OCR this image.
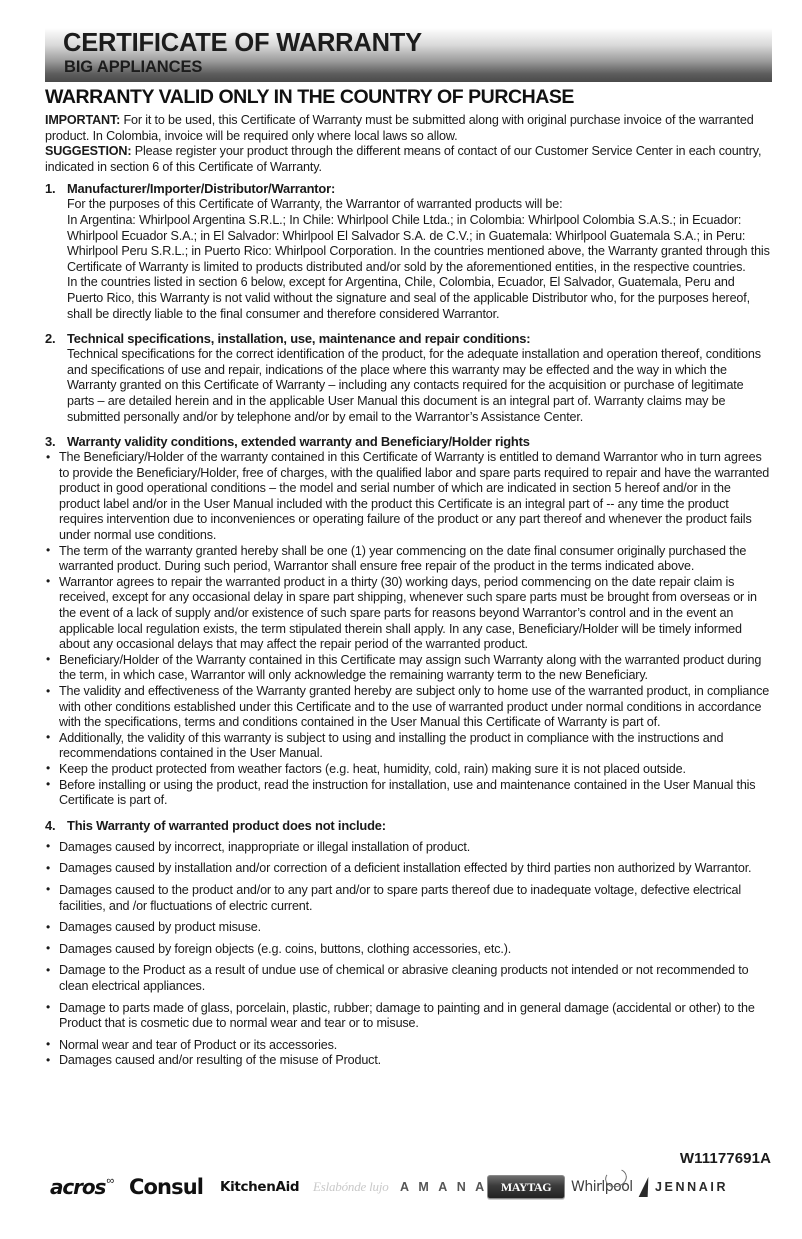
CERTIFICATE OF WARRANTY
BIG APPLIANCES
WARRANTY VALID ONLY IN THE COUNTRY OF PURCHASE

IMPORTANT: For it to be used, this Certificate of Warranty must be submitted along with original purchase invoice of the warranted product. In Colombia, invoice will be required only where local laws so allow.

SUGGESTION: Please register your product through the different means of contact of our Customer Service Center in each country, indicated in section 6 of this Certificate of Warranty.

1. Manufacturer/Importer/Distributor/Warrantor:

For the purposes of this Certificate of Warranty, the Warrantor of warranted products will be:
In Argentina: Whirlpool Argentina S.R.L.; In Chile: Whirlpool Chile Ltda.; in Colombia: Whirlpool Colombia S.A.S.; in Ecuador: Whirlpool Ecuador S.A.; in El Salvador: Whirlpool El Salvador S.A. de C.V.; in Guatemala: Whirlpool Guatemala S.A.; in Peru: Whirlpool Peru S.R.L.; in Puerto Rico: Whirlpool Corporation. In the countries mentioned above, the Warranty granted through this Certificate of Warranty is limited to products distributed and/or sold by the aforementioned entities, in the respective countries.
In the countries listed in section 6 below, except for Argentina, Chile, Colombia, Ecuador, El Salvador, Guatemala, Peru and Puerto Rico, this Warranty is not valid without the signature and seal of the applicable Distributor who, for the purposes hereof, shall be directly liable to the final consumer and therefore considered Warrantor.

2. Technical specifications, installation, use, maintenance and repair conditions:

Technical specifications for the correct identification of the product, for the adequate installation and operation thereof, conditions and specifications of use and repair, indications of the place where this warranty may be effected and the way in which the Warranty granted on this Certificate of Warranty – including any contacts required for the acquisition or purchase of legitimate parts – are detailed herein and in the applicable User Manual this document is an integral part of. Warranty claims may be submitted personally and/or by telephone and/or by email to the Warrantor’s Assistance Center.

3. Warranty validity conditions, extended warranty and Beneficiary/Holder rights

• The Beneficiary/Holder of the warranty contained in this Certificate of Warranty is entitled to demand Warrantor who in turn agrees to provide the Beneficiary/Holder, free of charges, with the qualified labor and spare parts required to repair and have the warranted product in good operational conditions – the model and serial number of which are indicated in section 5 hereof and/or in the product label and/or in the User Manual included with the product this Certificate is an integral part of -- any time the product requires intervention due to inconveniences or operating failure of the product or any part thereof and whenever the product fails under normal use conditions.
• The term of the warranty granted hereby shall be one (1) year commencing on the date final consumer originally purchased the warranted product. During such period, Warrantor shall ensure free repair of the product in the terms indicated above.
• Warrantor agrees to repair the warranted product in a thirty (30) working days, period commencing on the date repair claim is received, except for any occasional delay in spare part shipping, whenever such spare parts must be brought from overseas or in the event of a lack of supply and/or existence of such spare parts for reasons beyond Warrantor’s control and in the event an applicable local regulation exists, the term stipulated therein shall apply. In any case, Beneficiary/Holder will be timely informed about any occasional delays that may affect the repair period of the warranted product.
• Beneficiary/Holder of the Warranty contained in this Certificate may assign such Warranty along with the warranted product during the term, in which case, Warrantor will only acknowledge the remaining warranty term to the new Beneficiary.
• The validity and effectiveness of the Warranty granted hereby are subject only to home use of the warranted product, in compliance with other conditions established under this Certificate and to the use of warranted product under normal conditions in accordance with the specifications, terms and conditions contained in the User Manual this Certificate of Warranty is part of.
• Additionally, the validity of this warranty is subject to using and installing the product in compliance with the instructions and recommendations contained in the User Manual.
• Keep the product protected from weather factors (e.g. heat, humidity, cold, rain) making sure it is not placed outside.
• Before installing or using the product, read the instruction for installation, use and maintenance contained in the User Manual this Certificate is part of.

4. This Warranty of warranted product does not include:

• Damages caused by incorrect, inappropriate or illegal installation of product.
• Damages caused by installation and/or correction of a deficient installation effected by third parties non authorized by Warrantor.
• Damages caused to the product and/or to any part and/or to spare parts thereof due to inadequate voltage, defective electrical facilities, and /or fluctuations of electric current.
• Damages caused by product misuse.
• Damages caused by foreign objects (e.g. coins, buttons, clothing accessories, etc.).
• Damage to the Product as a result of undue use of chemical or abrasive cleaning products not intended or not recommended to clean electrical appliances.
• Damage to parts made of glass, porcelain, plastic, rubber; damage to painting and in general damage (accidental or other) to the Product that is cosmetic due to normal wear and tear or to misuse.
• Normal wear and tear of Product or its accessories.
• Damages caused and/or resulting of the misuse of Product.
W11177691A
acros ∞ Consul KitchenAid Eslabón de lujo A M A N A MAYTAG Whirlpool JENNAIR
